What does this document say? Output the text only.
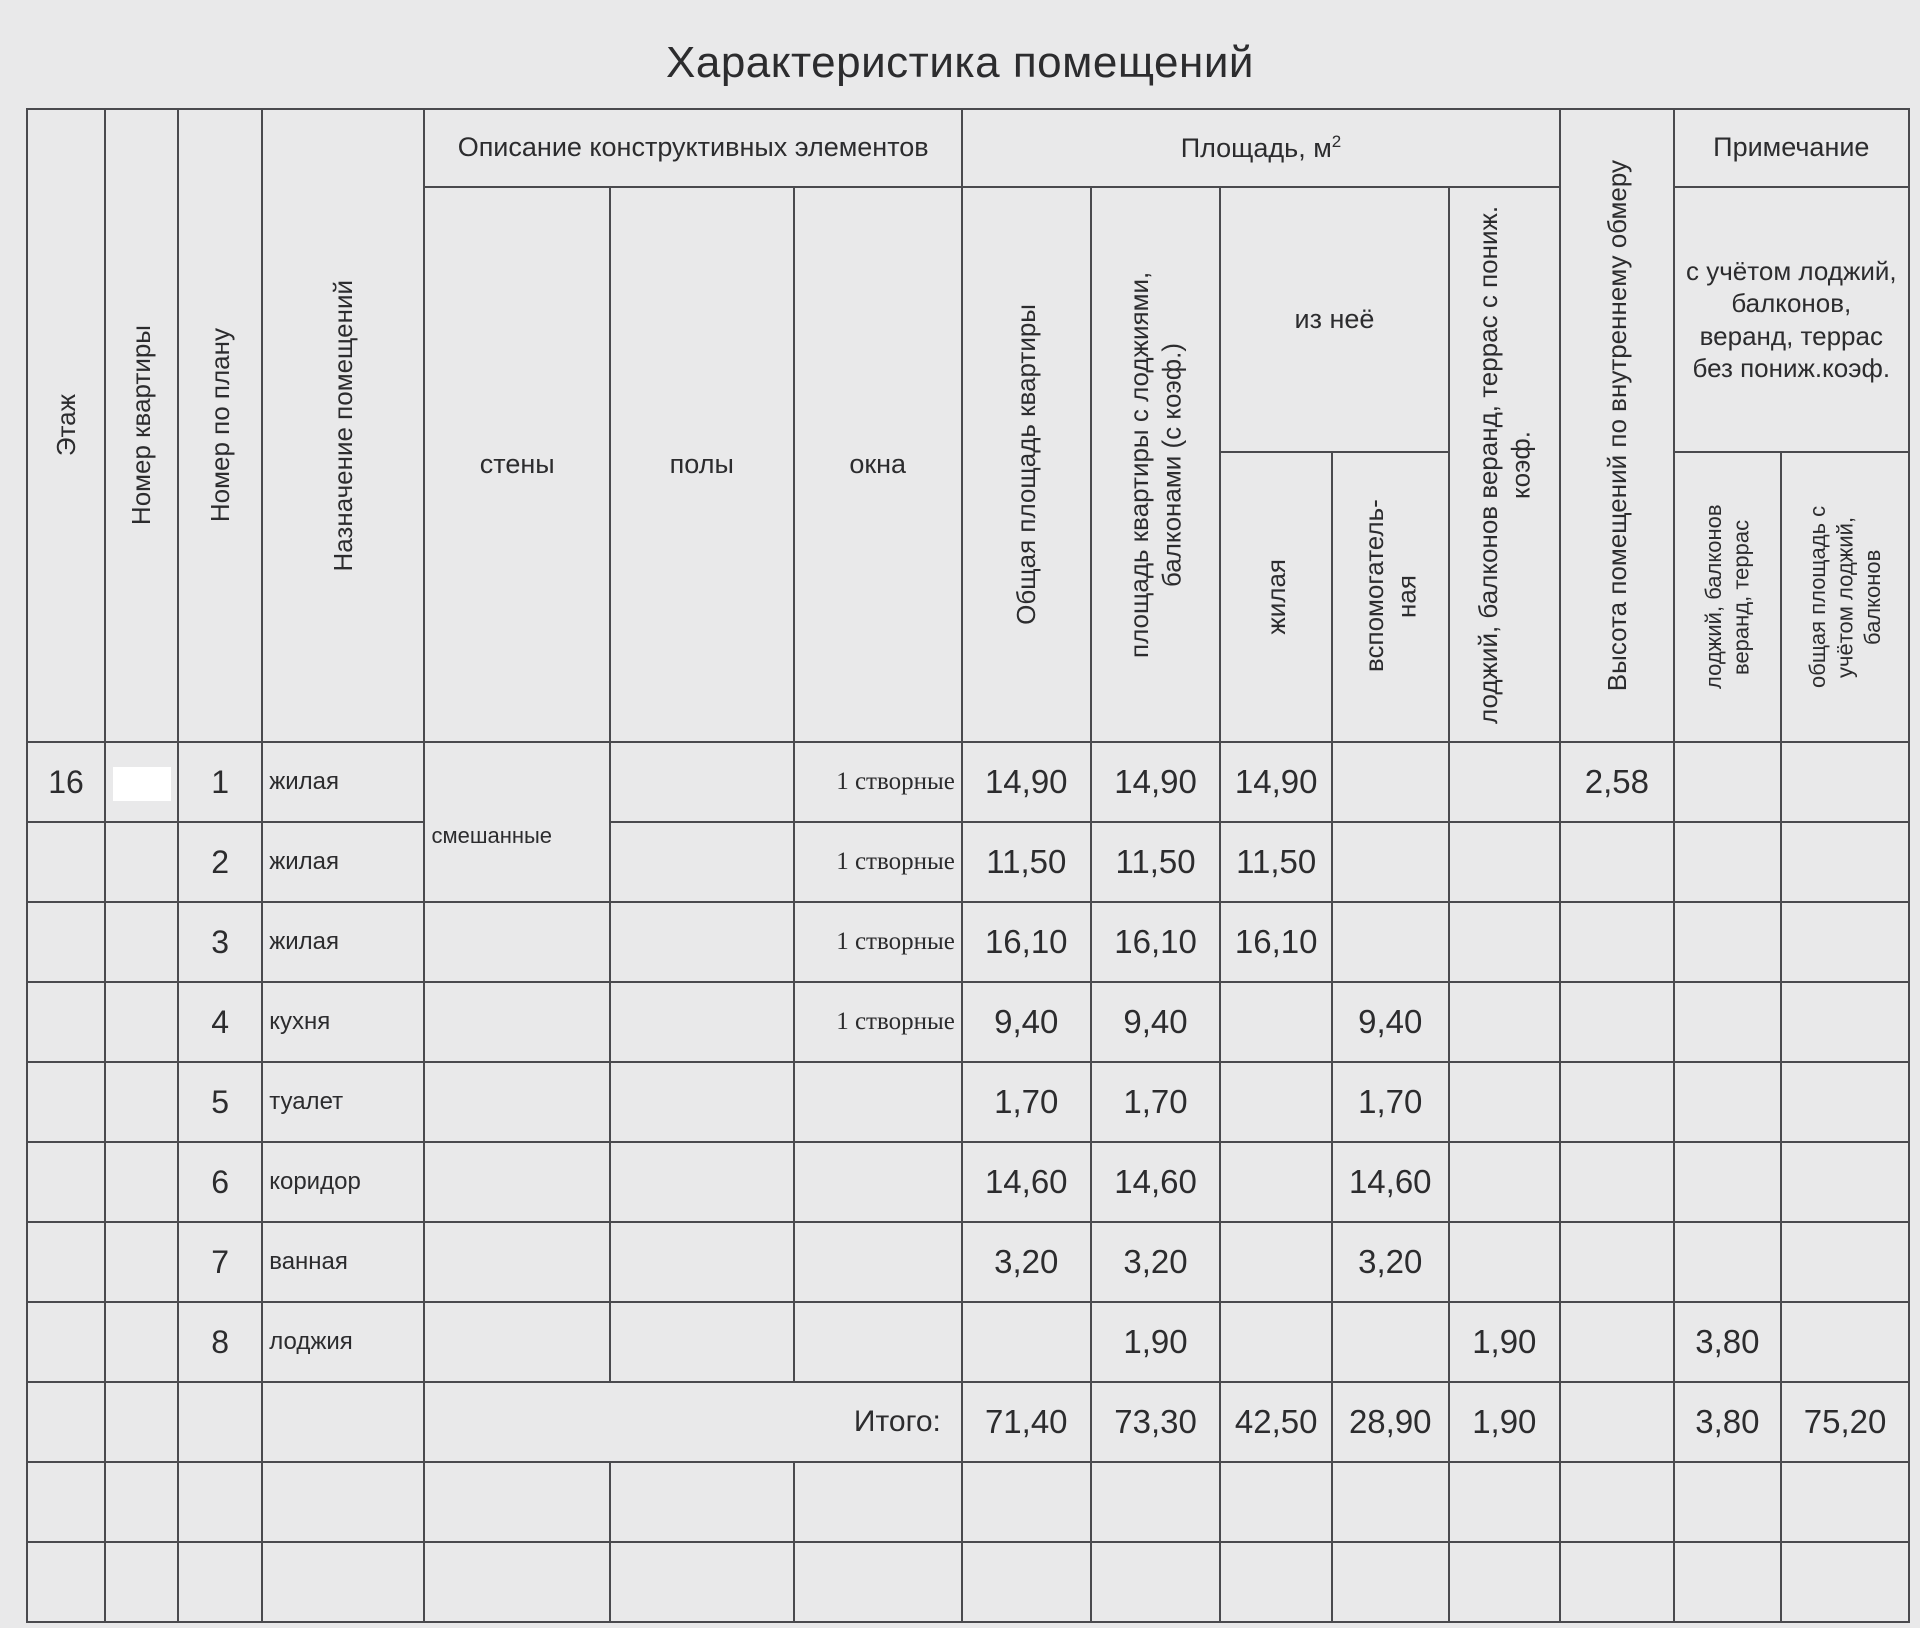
Характеристика помещений
Этаж	Номер квартиры	Номер по плану	Назначение помещений	Описание конструктивных элементов			Площадь, $м^2$					Высота помещений по внутреннему обмеру	Примечание	
				стены	полы	окна	Общая площадь квартиры	площадь квартиры с лоджиями, балконами (с коэф.)	из неё		лоджий, балконов веранд, террас с пониж. коэф.		с учётом лоджий, балконов, веранд, террас без пониж.коэф.	

									жилая	вспомогатель-ная			лоджий, балконов веранд, террас	общая площадь с учётом лоджий, балконов

16		1	жилая	смешанные		1 створные	14,90	14,90	14,90			2,58		
		2	жилая			1 створные	11,50	11,50	11,50					
		3	жилая			1 створные	16,10	16,10	16,10					
		4	кухня			1 створные	9,40	9,40		9,40				
		5	туалет				1,70	1,70		1,70				
		6	коридор				14,60	14,60		14,60				
		7	ванная				3,20	3,20		3,20				
		8	лоджия					1,90			1,90		3,80	
				Итого:			71,40	73,30	42,50	28,90	1,90		3,80	75,20
